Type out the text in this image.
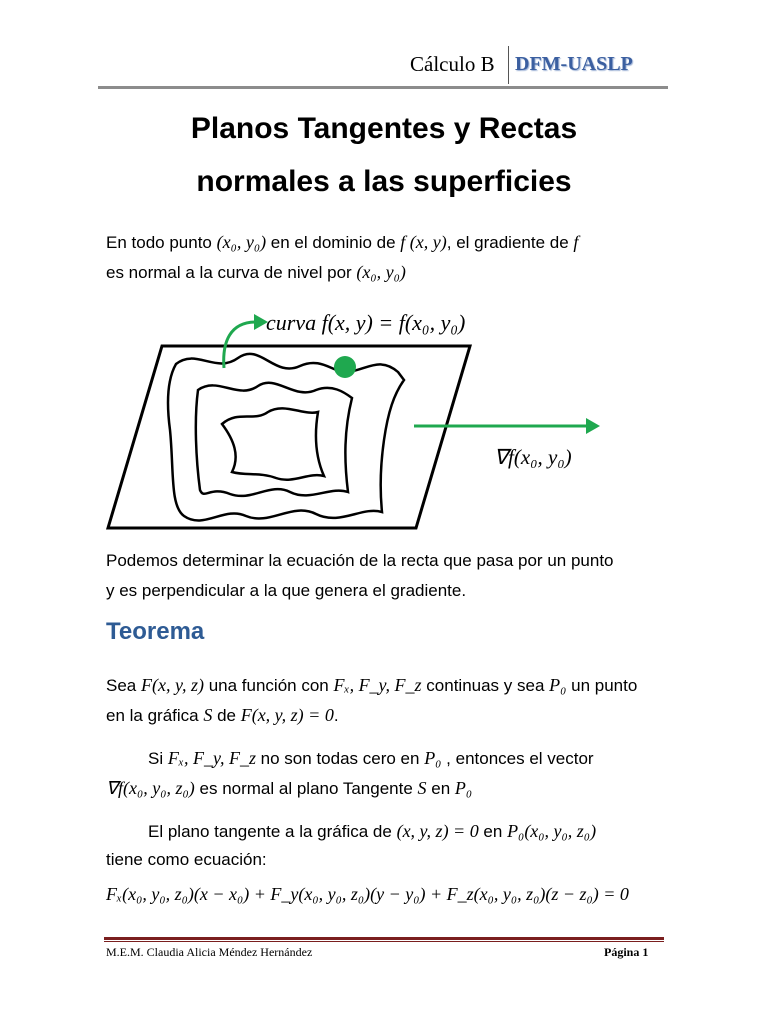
Cálculo B DFM-UASLP
Planos Tangentes y Rectas
normales a las superficies
En todo punto (x₀, y₀) en el dominio de f (x, y), el gradiente de f
es normal a la curva de nivel por (x₀, y₀)
curva f(x, y) = f(x₀, y₀)
∇f(x₀, y₀)
Podemos determinar la ecuación de la recta que pasa por un punto
y es perpendicular a la que genera el gradiente.
Teorema
Sea F(x, y, z) una función con Fₓ, F_y, F_z continuas y sea P₀ un punto
en la gráfica S de F(x, y, z) = 0.
Si Fₓ, F_y, F_z no son todas cero en P₀ , entonces el vector
∇f(x₀, y₀, z₀) es normal al plano Tangente S en P₀
El plano tangente a la gráfica de (x, y, z) = 0 en P₀(x₀, y₀, z₀)
tiene como ecuación:
Fₓ(x₀, y₀, z₀)(x − x₀) + F_y(x₀, y₀, z₀)(y − y₀) + F_z(x₀, y₀, z₀)(z − z₀) = 0
M.E.M. Claudia Alicia Méndez Hernández	Página 1
